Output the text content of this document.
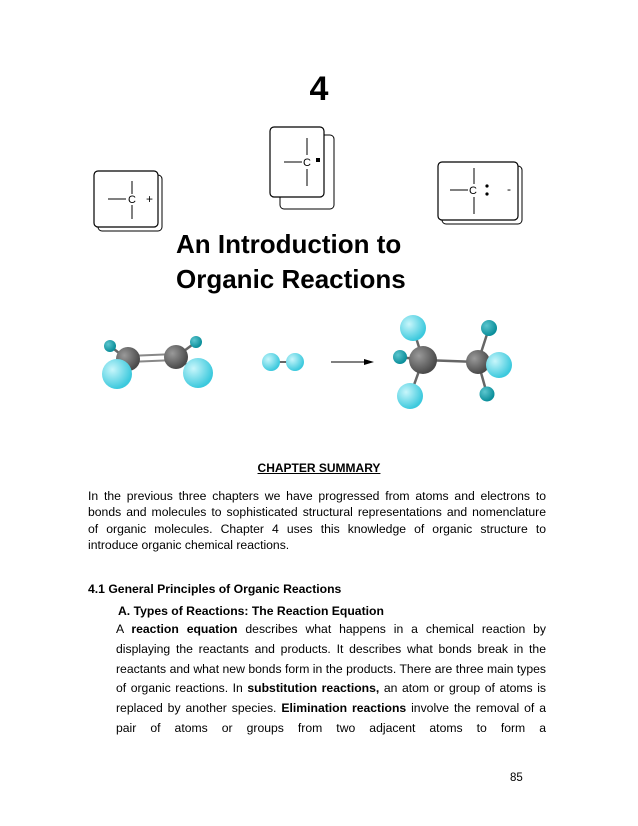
4
C +
C
C	-
An Introduction to
Organic Reactions
CHAPTER SUMMARY

In the previous three chapters we have progressed from atoms and electrons to bonds and molecules to sophisticated structural representations and nomenclature of organic molecules. Chapter 4 uses this knowledge of organic structure to introduce organic chemical reactions.

4.1 General Principles of Organic Reactions
A. Types of Reactions: The Reaction Equation

A reaction equation describes what happens in a chemical reaction by displaying the reactants and products. It describes what bonds break in the reactants and what new bonds form in the products. There are three main types of organic reactions. In substitution reactions, an atom or group of atoms is replaced by another species. Elimination reactions involve the removal of a pair of atoms or groups from two adjacent atoms to form a

85
